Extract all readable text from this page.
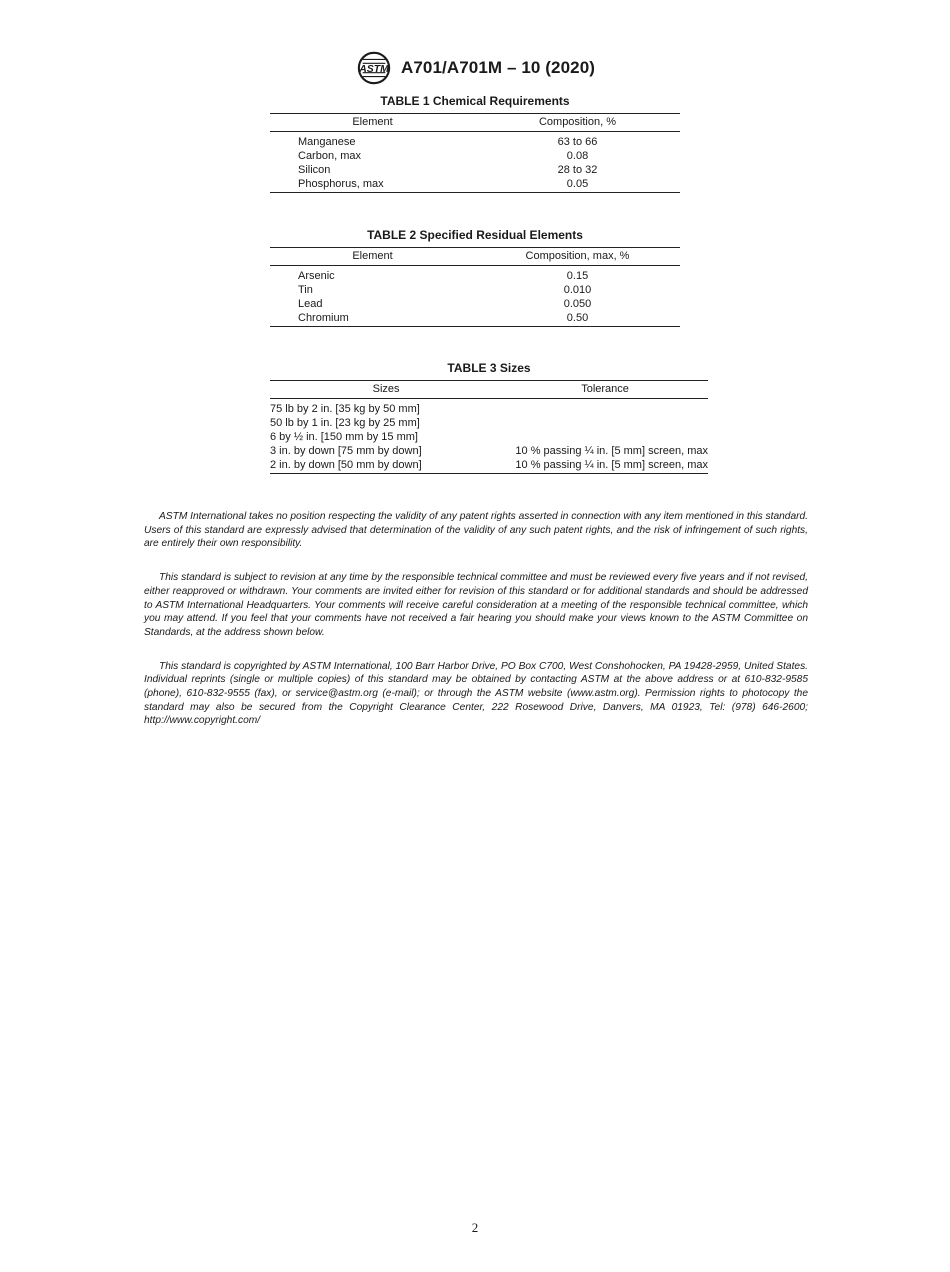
ASTM A701/A701M – 10 (2020)
TABLE 1 Chemical Requirements
Element	Composition, %
Manganese	63 to 66
Carbon, max	0.08
Silicon	28 to 32
Phosphorus, max	0.05
TABLE 2 Specified Residual Elements
Element	Composition, max, %
Arsenic	0.15
Tin	0.010
Lead	0.050
Chromium	0.50
TABLE 3 Sizes
Sizes	Tolerance
75 lb by 2 in. [35 kg by 50 mm]	
50 lb by 1 in. [23 kg by 25 mm]	
6 by ½ in. [150 mm by 15 mm]	
3 in. by down [75 mm by down]	10 % passing ¼ in. [5 mm] screen, max
2 in. by down [50 mm by down]	10 % passing ¼ in. [5 mm] screen, max

ASTM International takes no position respecting the validity of any patent rights asserted in connection with any item mentioned in this standard. Users of this standard are expressly advised that determination of the validity of any such patent rights, and the risk of infringement of such rights, are entirely their own responsibility.

This standard is subject to revision at any time by the responsible technical committee and must be reviewed every five years and if not revised, either reapproved or withdrawn. Your comments are invited either for revision of this standard or for additional standards and should be addressed to ASTM International Headquarters. Your comments will receive careful consideration at a meeting of the responsible technical committee, which you may attend. If you feel that your comments have not received a fair hearing you should make your views known to the ASTM Committee on Standards, at the address shown below.

This standard is copyrighted by ASTM International, 100 Barr Harbor Drive, PO Box C700, West Conshohocken, PA 19428-2959, United States. Individual reprints (single or multiple copies) of this standard may be obtained by contacting ASTM at the above address or at 610-832-9585 (phone), 610-832-9555 (fax), or service@astm.org (e-mail); or through the ASTM website (www.astm.org). Permission rights to photocopy the standard may also be secured from the Copyright Clearance Center, 222 Rosewood Drive, Danvers, MA 01923, Tel: (978) 646-2600; http://www.copyright.com/

2
